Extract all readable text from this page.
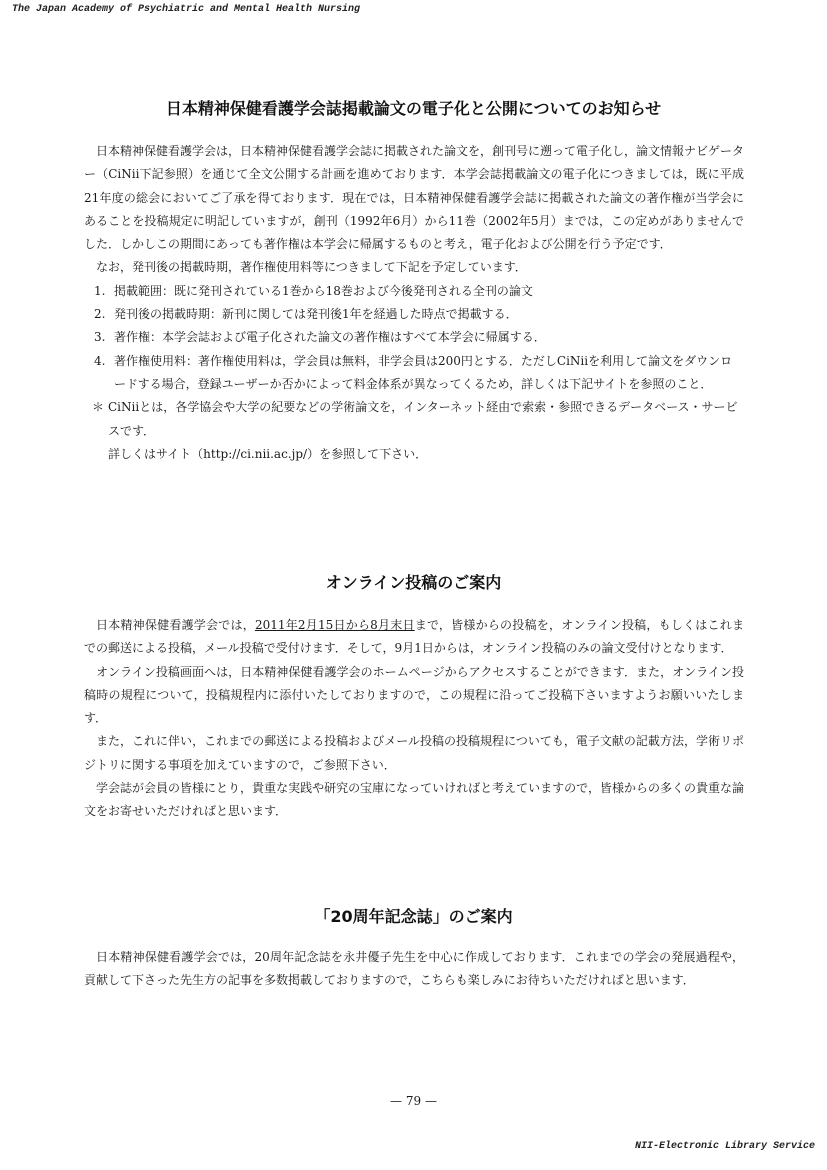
The Japan Academy of Psychiatric and Mental Health Nursing
日本精神保健看護学会誌掲載論文の電子化と公開についてのお知らせ

日本精神保健看護学会は，日本精神保健看護学会誌に掲載された論文を，創刊号に遡って電子化し，論文情報ナビゲーター（CiNii下記参照）を通じて全文公開する計画を進めております．本学会誌掲載論文の電子化につきましては，既に平成21年度の総会においてご了承を得ております．現在では，日本精神保健看護学会誌に掲載された論文の著作権が当学会にあることを投稿規定に明記していますが，創刊（1992年6月）から11巻（2002年5月）までは，この定めがありませんでした．しかしこの期間にあっても著作権は本学会に帰属するものと考え，電子化および公開を行う予定です．

なお，発刊後の掲載時期，著作権使用料等につきまして下記を予定しています．

1. 掲載範囲：既に発刊されている1巻から18巻および今後発刊される全刊の論文
2. 発刊後の掲載時期：新刊に関しては発刊後1年を経過した時点で掲載する．
3. 著作権：本学会誌および電子化された論文の著作権はすべて本学会に帰属する．
4. 著作権使用料：著作権使用料は，学会員は無料，非学会員は200円とする．ただしCiNiiを利用して論文をダウンロードする場合，登録ユーザーか否かによって料金体系が異なってくるため，詳しくは下記サイトを参照のこと．
＊ CiNiiとは，各学協会や大学の紀要などの学術論文を，インターネット経由で索索・参照できるデータベース・サービスです．
詳しくはサイト（http://ci.nii.ac.jp/）を参照して下さい．
オンライン投稿のご案内

日本精神保健看護学会では，2011年2月15日から8月末日まで，皆様からの投稿を，オンライン投稿，もしくはこれまでの郵送による投稿，メール投稿で受付けます．そして，9月1日からは，オンライン投稿のみの論文受付けとなります．

オンライン投稿画面へは，日本精神保健看護学会のホームページからアクセスすることができます．また，オンライン投稿時の規程について，投稿規程内に添付いたしておりますので，この規程に沿ってご投稿下さいますようお願いいたします．

また，これに伴い，これまでの郵送による投稿およびメール投稿の投稿規程についても，電子文献の記載方法，学術リポジトリに関する事項を加えていますので，ご参照下さい．

学会誌が会員の皆様にとり，貴重な実践や研究の宝庫になっていければと考えていますので，皆様からの多くの貴重な論文をお寄せいただければと思います．

「20周年記念誌」のご案内

日本精神保健看護学会では，20周年記念誌を永井優子先生を中心に作成しております．これまでの学会の発展過程や，貢献して下さった先生方の記事を多数掲載しておりますので，こちらも楽しみにお待ちいただければと思います．

— 79 —
NII-Electronic Library Service
